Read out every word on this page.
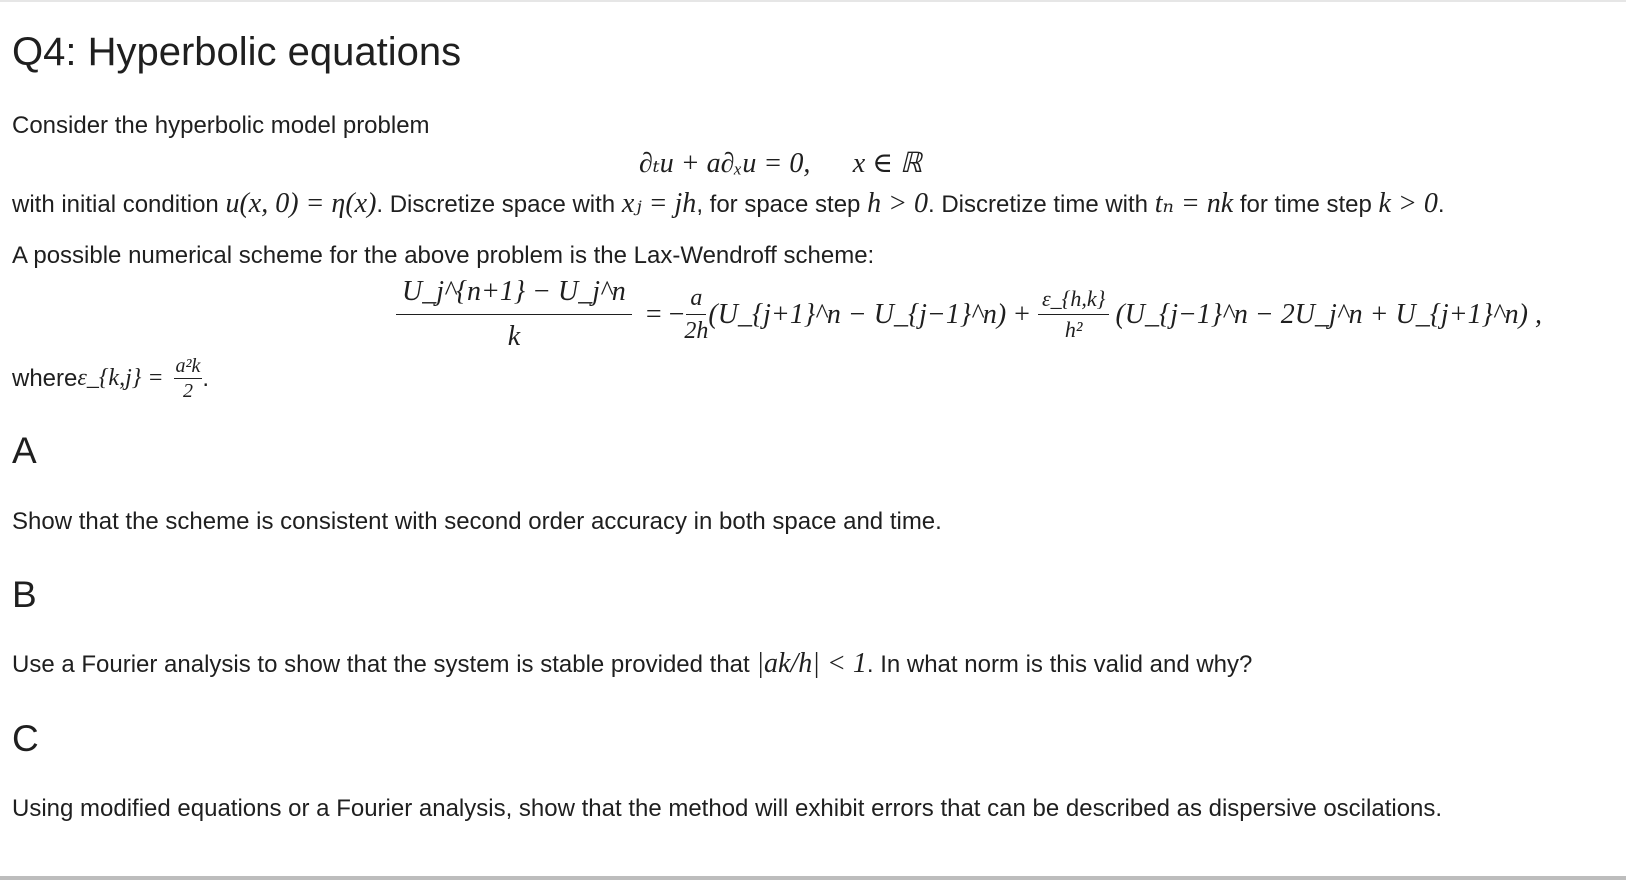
Q4: Hyperbolic equations
Consider the hyperbolic model problem
∂ₜu + a∂ₓu = 0, x ∈ ℝ
with initial condition u(x, 0) = η(x). Discretize space with xⱼ = jh, for space step h > 0. Discretize time with tₙ = nk for time step k > 0.
A possible numerical scheme for the above problem is the Lax-Wendroff scheme:
$\frac{U\_j\^{}\{n+1\} - U\_j\^{}n}{k}$ = − $\frac{a}{2h}$ (U_{j+1}^n − U_{j−1}^n) + $\frac{\varepsilon\_\{h,k\}}{\text{h²}}$ (U_{j−1}^n − 2U_j^n + U_{j+1}^n) ,
where ε_{k,j} = $\frac{\text{a²k}}{2}$ .
A
Show that the scheme is consistent with second order accuracy in both space and time.
B
Use a Fourier analysis to show that the system is stable provided that |ak/h| < 1. In what norm is this valid and why?
C
Using modified equations or a Fourier analysis, show that the method will exhibit errors that can be described as dispersive oscilations.
